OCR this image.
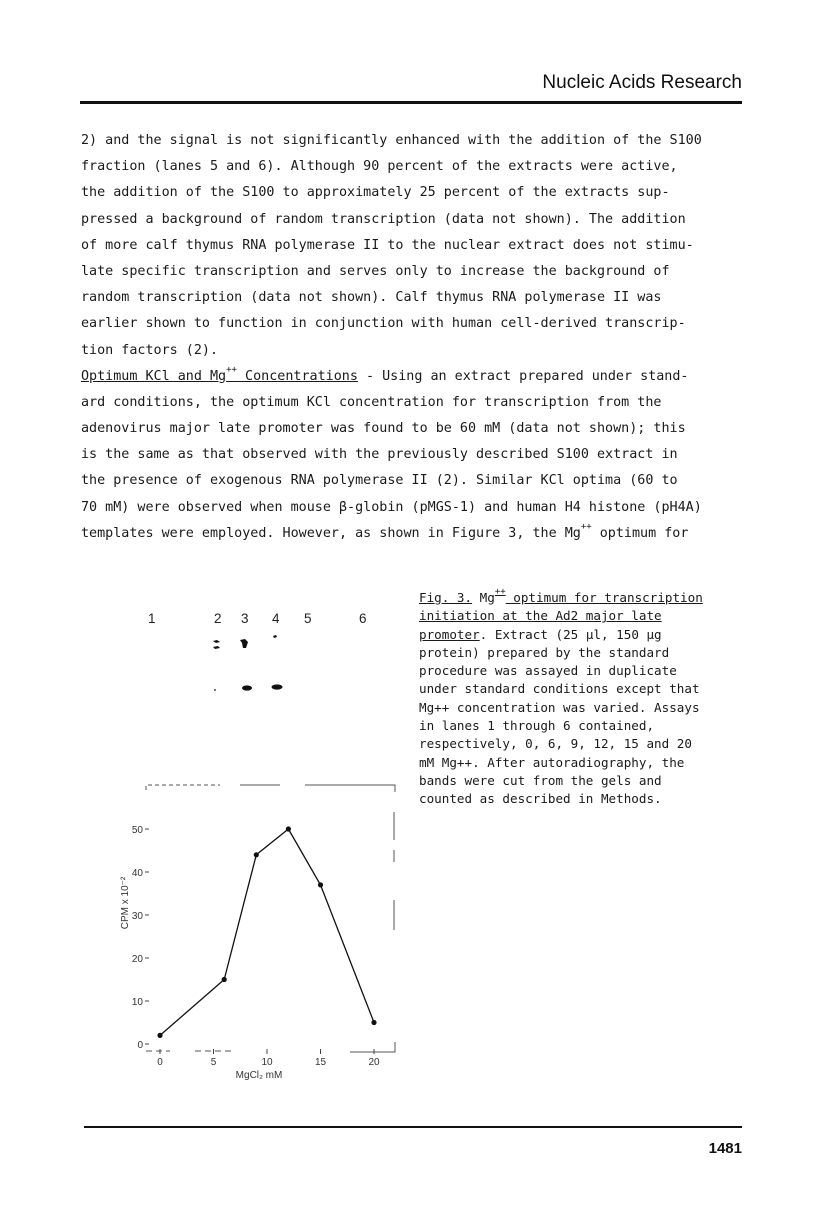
Nucleic Acids Research
2) and the signal is not significantly enhanced with the addition of the S100
fraction (lanes 5 and 6). Although 90 percent of the extracts were active,
the addition of the S100 to approximately 25 percent of the extracts sup-
pressed a background of random transcription (data not shown). The addition
of more calf thymus RNA polymerase II to the nuclear extract does not stimu-
late specific transcription and serves only to increase the background of
random transcription (data not shown). Calf thymus RNA polymerase II was
earlier shown to function in conjunction with human cell-derived transcrip-
tion factors (2).
Optimum KCl and Mg++ Concentrations - Using an extract prepared under stand-
ard conditions, the optimum KCl concentration for transcription from the
adenovirus major late promoter was found to be 60 mM (data not shown); this
is the same as that observed with the previously described S100 extract in
the presence of exogenous RNA polymerase II (2). Similar KCl optima (60 to
70 mM) were observed when mouse β-globin (pMGS-1) and human H4 histone (pH4A)
templates were employed. However, as shown in Figure 3, the Mg++ optimum for
Fig. 3. Mg++ optimum for transcription
initiation at the Ad2 major late
promoter. Extract (25 µl, 150 µg
protein) prepared by the standard
procedure was assayed in duplicate
under standard conditions except that
Mg++ concentration was varied. Assays
in lanes 1 through 6 contained,
respectively, 0, 6, 9, 12, 15 and 20
mM Mg++. After autoradiography, the
bands were cut from the gels and
counted as described in Methods.
1	2 3 4 5	6
0
10
20
30
40
50
0	5	10	15	20
CPM x 10⁻²
MgCl₂ mM
1481
